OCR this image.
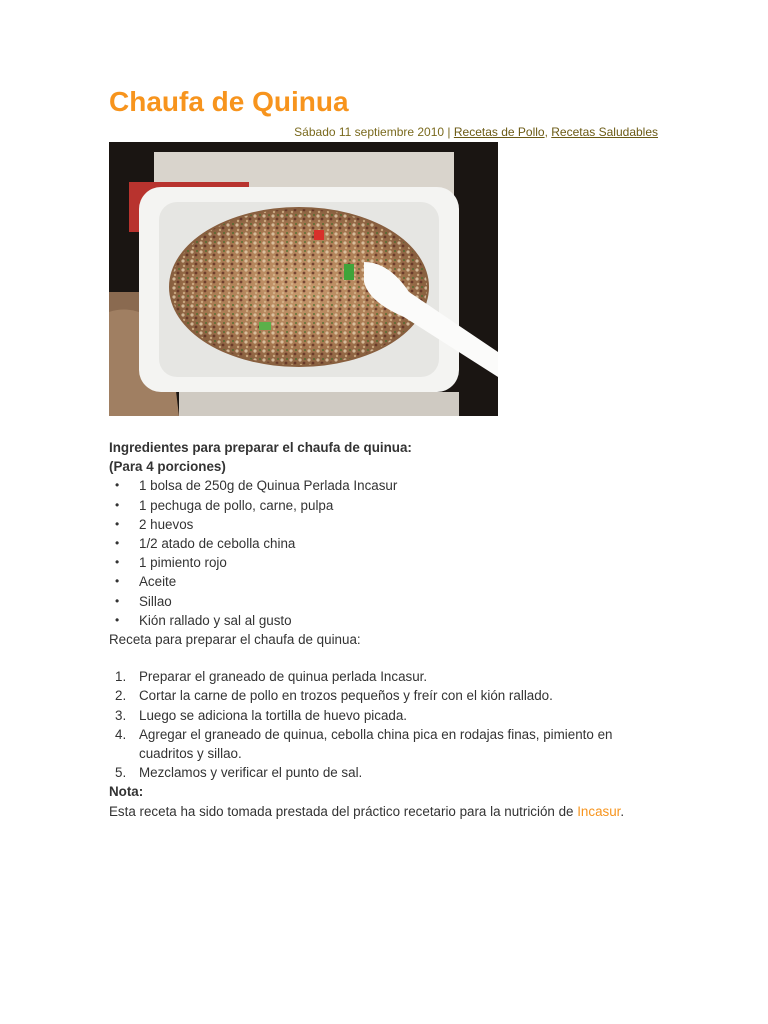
Chaufa de Quinua
Sábado 11 septiembre 2010 | Recetas de Pollo, Recetas Saludables
Ingredientes para preparar el chaufa de quinua:
(Para 4 porciones)
• 1 bolsa de 250g de Quinua Perlada Incasur
• 1 pechuga de pollo, carne, pulpa
• 2 huevos
• 1/2 atado de cebolla china
• 1 pimiento rojo
• Aceite
• Sillao
• Kión rallado y sal al gusto
Receta para preparar el chaufa de quinua:
1. Preparar el graneado de quinua perlada Incasur.
2. Cortar la carne de pollo en trozos pequeños y freír con el kión rallado.
3. Luego se adiciona la tortilla de huevo picada.
4. Agregar el graneado de quinua, cebolla china pica en rodajas finas, pimiento en cuadritos y sillao.
5. Mezclamos y verificar el punto de sal.
Nota:
Esta receta ha sido tomada prestada del práctico recetario para la nutrición de Incasur.
